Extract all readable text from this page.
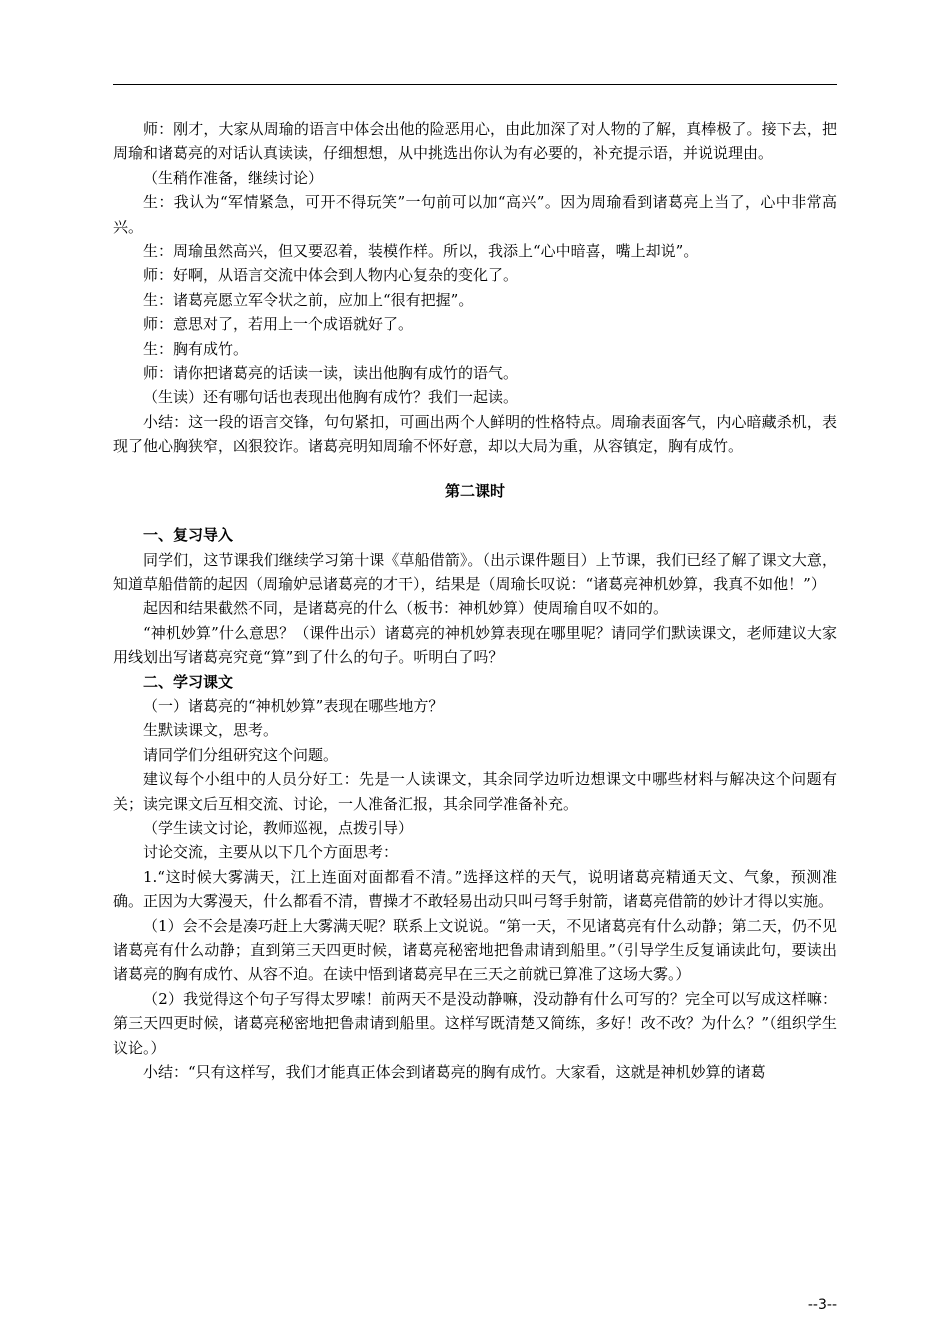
师：刚才，大家从周瑜的语言中体会出他的险恶用心，由此加深了对人物的了解，真棒极了。接下去，把周瑜和诸葛亮的对话认真读读，仔细想想，从中挑选出你认为有必要的，补充提示语，并说说理由。

（生稍作准备，继续讨论）

生：我认为“军情紧急，可开不得玩笑”一句前可以加“高兴”。因为周瑜看到诸葛亮上当了，心中非常高兴。

生：周瑜虽然高兴，但又要忍着，装模作样。所以，我添上“心中暗喜，嘴上却说”。

师：好啊，从语言交流中体会到人物内心复杂的变化了。

生：诸葛亮愿立军令状之前，应加上“很有把握”。

师：意思对了，若用上一个成语就好了。

生：胸有成竹。

师：请你把诸葛亮的话读一读，读出他胸有成竹的语气。

（生读）还有哪句话也表现出他胸有成竹？我们一起读。

小结：这一段的语言交锋，句句紧扣，可画出两个人鲜明的性格特点。周瑜表面客气，内心暗藏杀机，表现了他心胸狭窄，凶狠狡诈。诸葛亮明知周瑜不怀好意，却以大局为重，从容镇定，胸有成竹。

第二课时

一、复习导入

同学们，这节课我们继续学习第十课《草船借箭》。（出示课件题目）上节课，我们已经了解了课文大意，知道草船借箭的起因（周瑜妒忌诸葛亮的才干），结果是（周瑜长叹说：“诸葛亮神机妙算，我真不如他！”）

起因和结果截然不同，是诸葛亮的什么（板书：神机妙算）使周瑜自叹不如的。

“神机妙算”什么意思？（课件出示）诸葛亮的神机妙算表现在哪里呢？请同学们默读课文，老师建议大家用线划出写诸葛亮究竟“算”到了什么的句子。听明白了吗？

二、学习课文

（一）诸葛亮的“神机妙算”表现在哪些地方？

生默读课文，思考。

请同学们分组研究这个问题。

建议每个小组中的人员分好工：先是一人读课文，其余同学边听边想课文中哪些材料与解决这个问题有关；读完课文后互相交流、讨论，一人准备汇报，其余同学准备补充。

（学生读文讨论，教师巡视，点拨引导）

讨论交流，主要从以下几个方面思考：

1.“这时候大雾满天，江上连面对面都看不清。”选择这样的天气，说明诸葛亮精通天文、气象，预测准确。正因为大雾漫天，什么都看不清，曹操才不敢轻易出动只叫弓弩手射箭，诸葛亮借箭的妙计才得以实施。

（1）会不会是凑巧赶上大雾满天呢？联系上文说说。“第一天，不见诸葛亮有什么动静；第二天，仍不见诸葛亮有什么动静；直到第三天四更时候，诸葛亮秘密地把鲁肃请到船里。”（引导学生反复诵读此句，要读出诸葛亮的胸有成竹、从容不迫。在读中悟到诸葛亮早在三天之前就已算准了这场大雾。）

（2）我觉得这个句子写得太罗嗦！前两天不是没动静嘛，没动静有什么可写的？完全可以写成这样嘛：第三天四更时候，诸葛亮秘密地把鲁肃请到船里。这样写既清楚又简练，多好！改不改？为什么？”（组织学生议论。）

小结：“只有这样写，我们才能真正体会到诸葛亮的胸有成竹。大家看，这就是神机妙算的诸葛

--3--
